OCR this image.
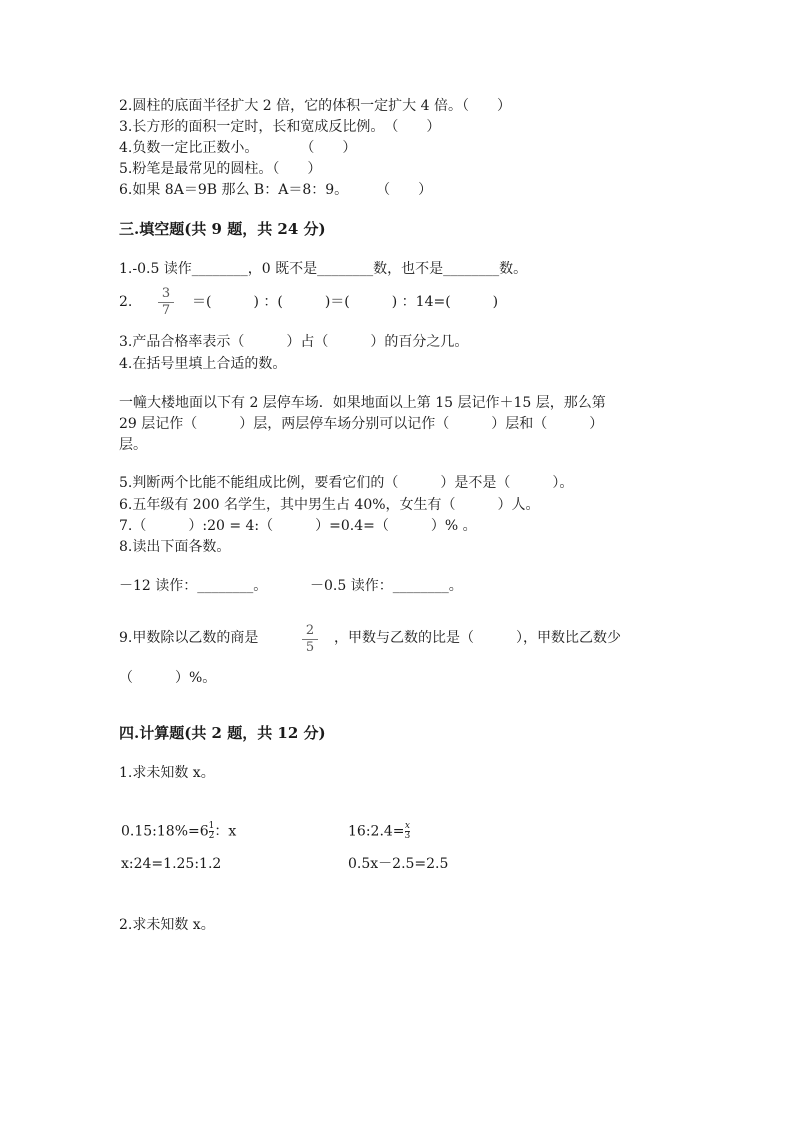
2.圆柱的底面半径扩大 2 倍，它的体积一定扩大 4 倍。（　　）
3.长方形的面积一定时，长和宽成反比例。　（　　）
4.负数一定比正数小。　　　　（　　）
5.粉笔是最常见的圆柱。（　　）
6.如果 8A＝9B 那么 B：A＝8：9。　　　（　　）
三.填空题(共 9 题，共 24 分)
1.-0.5 读作________，0 既不是________数，也不是________数。
2.
3
7
＝(　　　) ：(　　　)＝(　　　) ：14=(　　　)
3.产品合格率表示（　　　）占（　　　）的百分之几。
4.在括号里填上合适的数。
一幢大楼地面以下有 2 层停车场．如果地面以上第 15 层记作＋15 层，那么第
29 层记作（　　　）层，两层停车场分别可以记作（　　　）层和（　　　）
层。
5.判断两个比能不能组成比例，要看它们的（　　　）是不是（　　　）。
6.五年级有 200 名学生，其中男生占 40%，女生有（　　　）人。
7.（　　　）:20 = 4:（　　　）=0.4=（　　　）% 。
8.读出下面各数。
－12 读作：________。	－0.5 读作：________。
9.甲数除以乙数的商是	2
5
，甲数与乙数的比是（　　　），甲数比乙数少
（　　　）%。
四.计算题(共 2 题，共 12 分)
1.求未知数 x。
0.15:18%=6 $\frac{1}{2}$ ：x	16:2.4= $\frac{x}{3}$
x:24=1.25:1.2	0.5x－2.5=2.5
2.求未知数 x。
